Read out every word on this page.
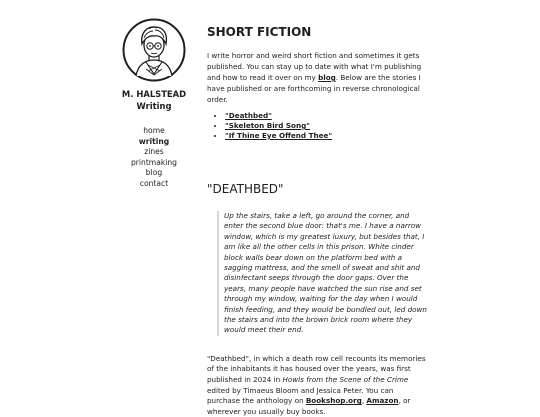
M. HALSTEAD
Writing
home
writing
zines
printmaking
blog
contact
SHORT FICTION

I write horror and weird short fiction and sometimes it gets published. You can stay up to date with what I'm publishing and how to read it over on my blog. Below are the stories I have published or are forthcoming in reverse chronological order.

• "Deathbed"
• "Skeleton Bird Song"
• "If Thine Eye Offend Thee"
"DEATHBED"
Up the stairs, take a left, go around the corner, and enter the second blue door: that's me. I have a narrow window, which is my greatest luxury, but besides that, I am like all the other cells in this prison. White cinder block walls bear down on the platform bed with a sagging mattress, and the smell of sweat and shit and disinfectant seeps through the door gaps. Over the years, many people have watched the sun rise and set through my window, waiting for the day when I would finish feeding, and they would be bundled out, led down the stairs and into the brown brick room where they would meet their end.

"Deathbed", in which a death row cell recounts its memories of the inhabitants it has housed over the years, was first published in 2024 in Howls from the Scene of the Crime edited by Timaeus Bloom and Jessica Peter. You can purchase the anthology on Bookshop.org, Amazon, or wherever you usually buy books.
